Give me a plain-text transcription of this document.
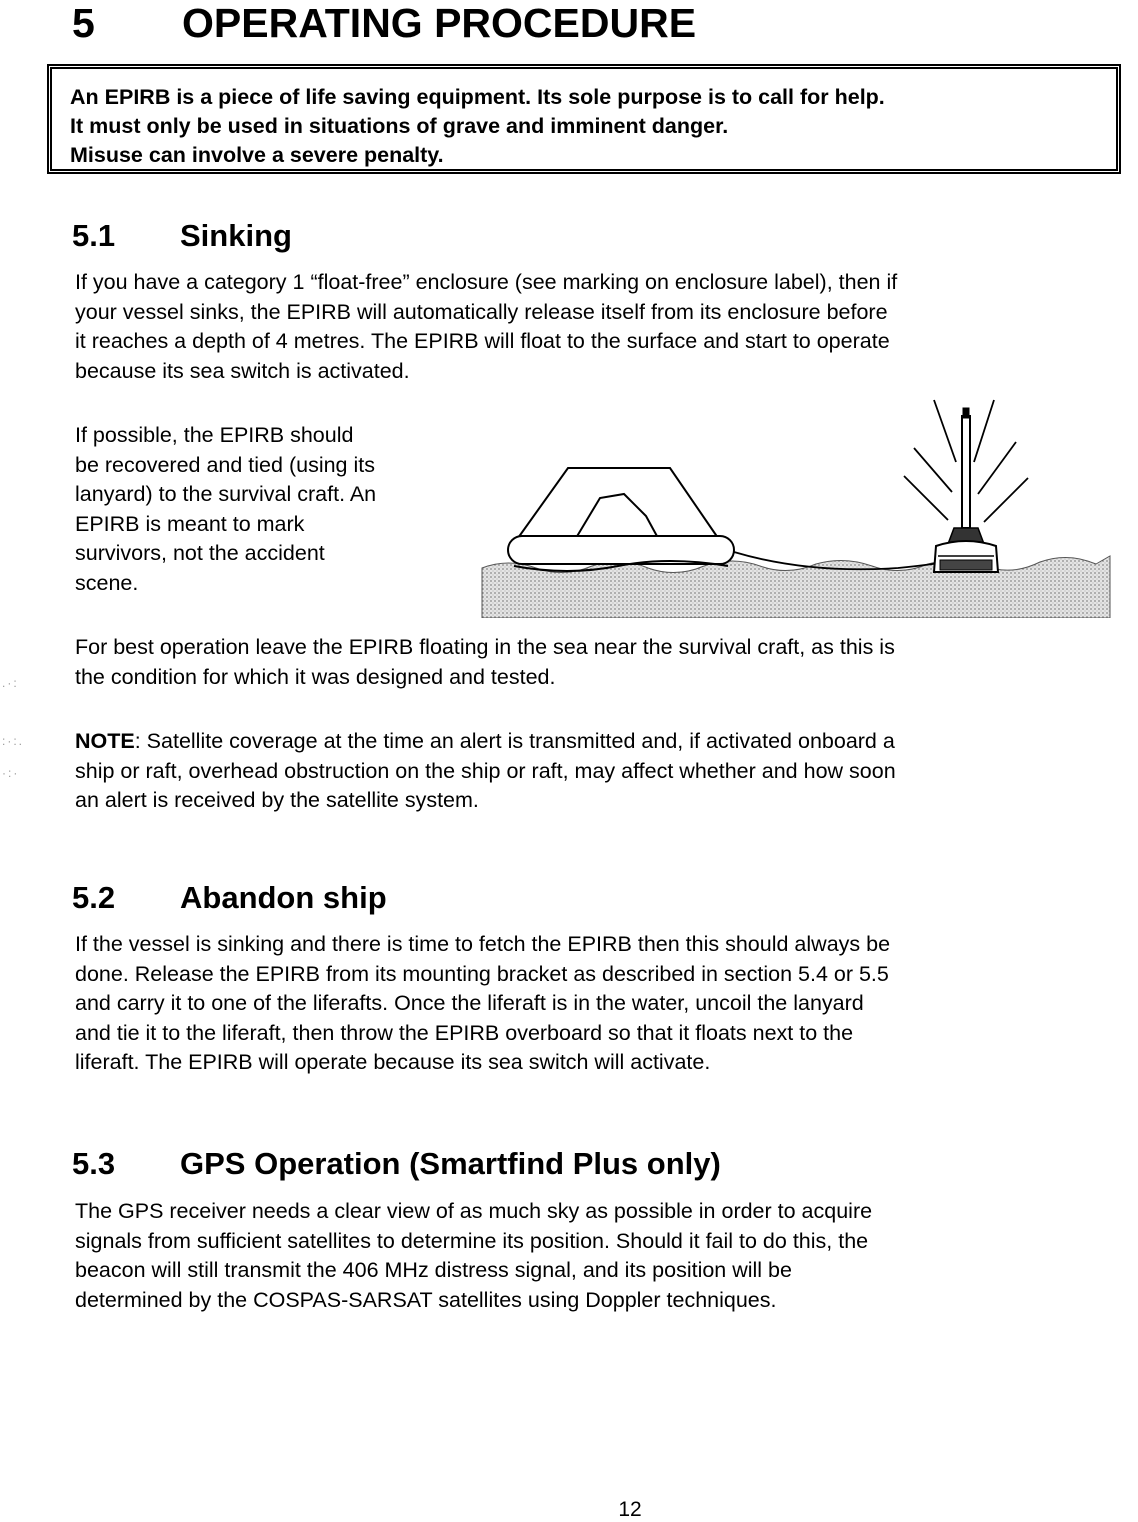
5 OPERATING PROCEDURE
An EPIRB is a piece of life saving equipment. Its sole purpose is to call for help.
It must only be used in situations of grave and imminent danger.
Misuse can involve a severe penalty.
5.1 Sinking
If you have a category 1 “float-free” enclosure (see marking on enclosure label), then if
your vessel sinks, the EPIRB will automatically release itself from its enclosure before
it reaches a depth of 4 metres. The EPIRB will float to the surface and start to operate
because its sea switch is activated.
If possible, the EPIRB should
be recovered and tied (using its
lanyard) to the survival craft. An
EPIRB is meant to mark
survivors, not the accident
scene.
For best operation leave the EPIRB floating in the sea near the survival craft, as this is
the condition for which it was designed and tested.
NOTE: Satellite coverage at the time an alert is transmitted and, if activated onboard a
ship or raft, overhead obstruction on the ship or raft, may affect whether and how soon
an alert is received by the satellite system.
5.2 Abandon ship
If the vessel is sinking and there is time to fetch the EPIRB then this should always be
done. Release the EPIRB from its mounting bracket as described in section 5.4 or 5.5
and carry it to one of the liferafts. Once the liferaft is in the water, uncoil the lanyard
and tie it to the liferaft, then throw the EPIRB overboard so that it floats next to the
liferaft. The EPIRB will operate because its sea switch will activate.
5.3 GPS Operation (Smartfind Plus only)
The GPS receiver needs a clear view of as much sky as possible in order to acquire
signals from sufficient satellites to determine its position. Should it fail to do this, the
beacon will still transmit the 406 MHz distress signal, and its position will be
determined by the COSPAS-SARSAT satellites using Doppler techniques.
.·:
:·:.
·:·
12
